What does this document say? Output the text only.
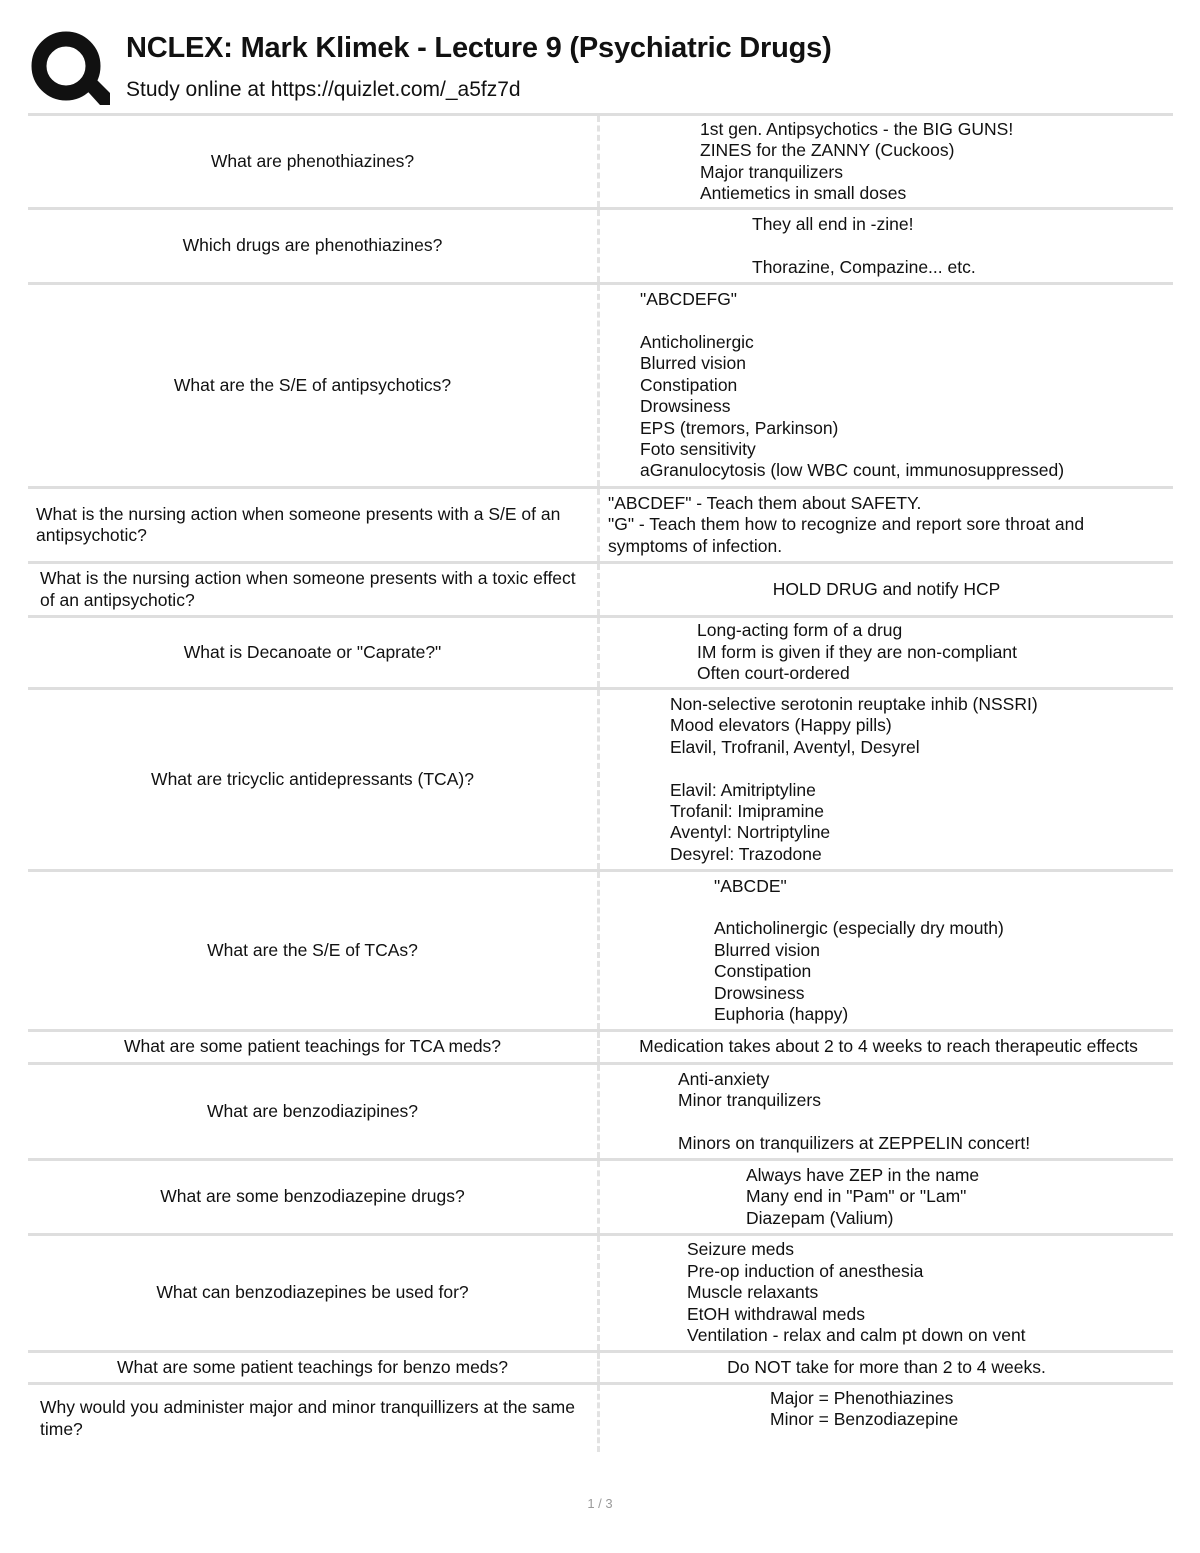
NCLEX: Mark Klimek - Lecture 9 (Psychiatric Drugs)
Study online at https://quizlet.com/_a5fz7d
What are phenothiazines?
1st gen. Antipsychotics - the BIG GUNS!
ZINES for the ZANNY (Cuckoos)
Major tranquilizers
Antiemetics in small doses
Which drugs are phenothiazines?
They all end in -zine!

Thorazine, Compazine... etc.
What are the S/E of antipsychotics?
"ABCDEFG"

Anticholinergic
Blurred vision
Constipation
Drowsiness
EPS (tremors, Parkinson)
Foto sensitivity
aGranulocytosis (low WBC count, immunosuppressed)
What is the nursing action when someone presents with a S/E of an antipsychotic?
"ABCDEF" - Teach them about SAFETY.
"G" - Teach them how to recognize and report sore throat and
symptoms of infection.
What is the nursing action when someone presents with a toxic effect of an antipsychotic?
HOLD DRUG and notify HCP
What is Decanoate or "Caprate?"
Long-acting form of a drug
IM form is given if they are non-compliant
Often court-ordered
What are tricyclic antidepressants (TCA)?
Non-selective serotonin reuptake inhib (NSSRI)
Mood elevators (Happy pills)
Elavil, Trofranil, Aventyl, Desyrel

Elavil: Amitriptyline
Trofanil: Imipramine
Aventyl: Nortriptyline
Desyrel: Trazodone
What are the S/E of TCAs?
"ABCDE"

Anticholinergic (especially dry mouth)
Blurred vision
Constipation
Drowsiness
Euphoria (happy)
What are some patient teachings for TCA meds?	Medication takes about 2 to 4 weeks to reach therapeutic effects
What are benzodiazipines?
Anti-anxiety
Minor tranquilizers

Minors on tranquilizers at ZEPPELIN concert!
What are some benzodiazepine drugs?
Always have ZEP in the name
Many end in "Pam" or "Lam"
Diazepam (Valium)
What can benzodiazepines be used for?
Seizure meds
Pre-op induction of anesthesia
Muscle relaxants
EtOH withdrawal meds
Ventilation - relax and calm pt down on vent
What are some patient teachings for benzo meds?	Do NOT take for more than 2 to 4 weeks.
Why would you administer major and minor tranquillizers at the same time?
Major = Phenothiazines
Minor = Benzodiazepine
1 / 3
